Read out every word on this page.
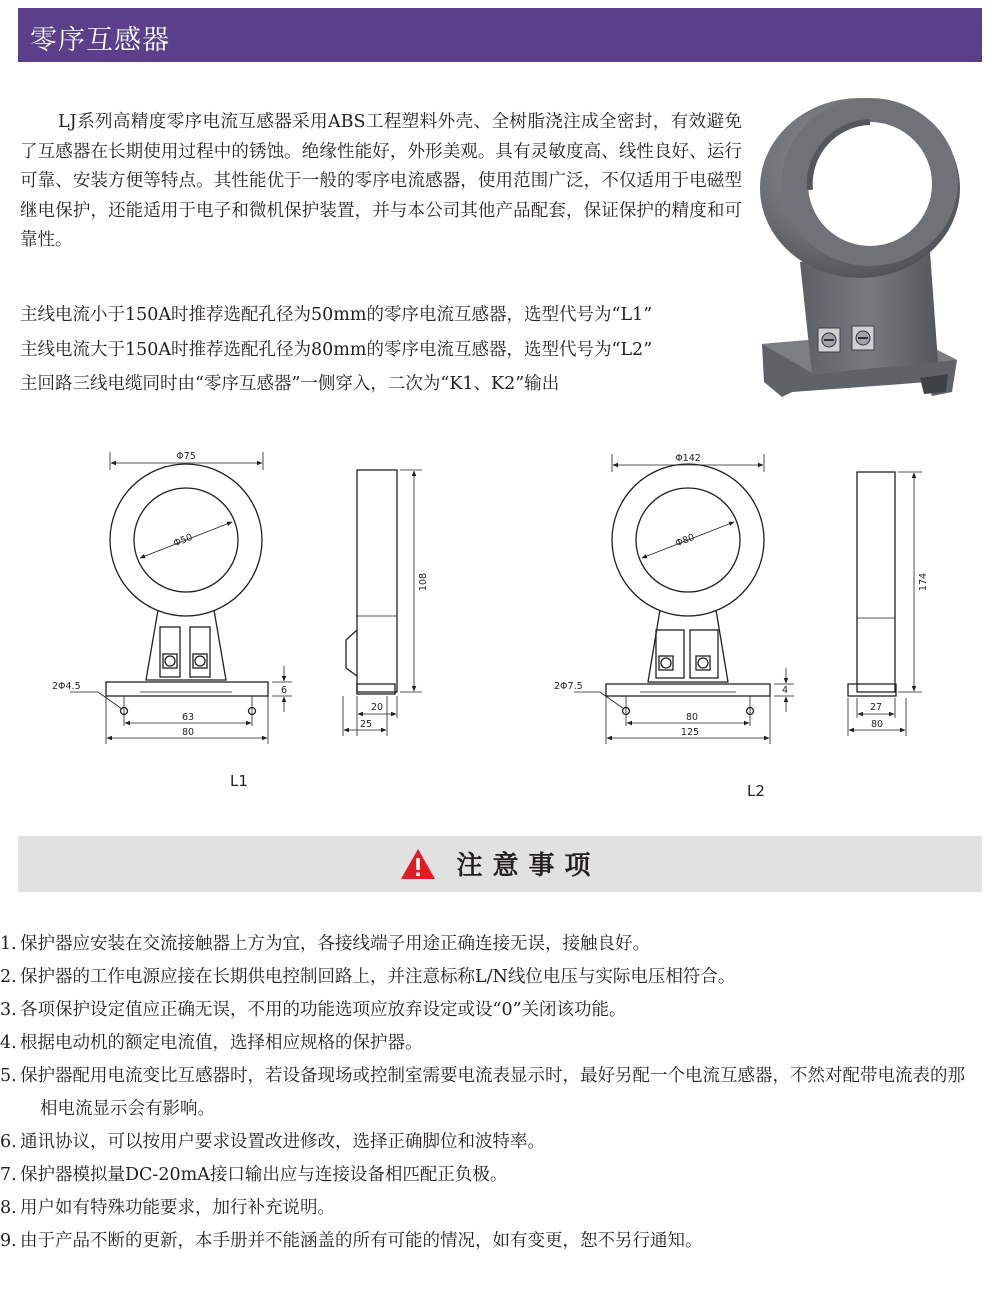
零序互感器

LJ系列高精度零序电流互感器采用ABS工程塑料外壳、全树脂浇注成全密封，有效避免了互感器在长期使用过程中的锈蚀。绝缘性能好，外形美观。具有灵敏度高、线性良好、运行可靠、安装方便等特点。其性能优于一般的零序电流感器，使用范围广泛，不仅适用于电磁型继电保护，还能适用于电子和微机保护装置，并与本公司其他产品配套，保证保护的精度和可靠性。

主线电流小于150A时推荐选配孔径为50mm的零序电流互感器，选型代号为“L1”
主线电流大于150A时推荐选配孔径为80mm的零序电流互感器，选型代号为“L2”
主回路三线电缆同时由“零序互感器”一侧穿入，二次为“K1、K2”输出
Φ75
Φ50
2Φ4.5	6
63
80
L1
108
20
25
Φ142
Φ80
2Φ7.5	4
80
125
L2
174
27
80
注意事项
1. 保护器应安装在交流接触器上方为宜，各接线端子用途正确连接无误，接触良好。
2. 保护器的工作电源应接在长期供电控制回路上，并注意标称L/N线位电压与实际电压相符合。
3. 各项保护设定值应正确无误，不用的功能选项应放弃设定或设“0”关闭该功能。
4. 根据电动机的额定电流值，选择相应规格的保护器。
5. 保护器配用电流变比互感器时，若设备现场或控制室需要电流表显示时，最好另配一个电流互感器，不然对配带电流表的那相电流显示会有影响。
6. 通讯协议，可以按用户要求设置改进修改，选择正确脚位和波特率。
7. 保护器模拟量DC-20mA接口输出应与连接设备相匹配正负极。
8. 用户如有特殊功能要求，加行补充说明。
9. 由于产品不断的更新，本手册并不能涵盖的所有可能的情况，如有变更，恕不另行通知。
